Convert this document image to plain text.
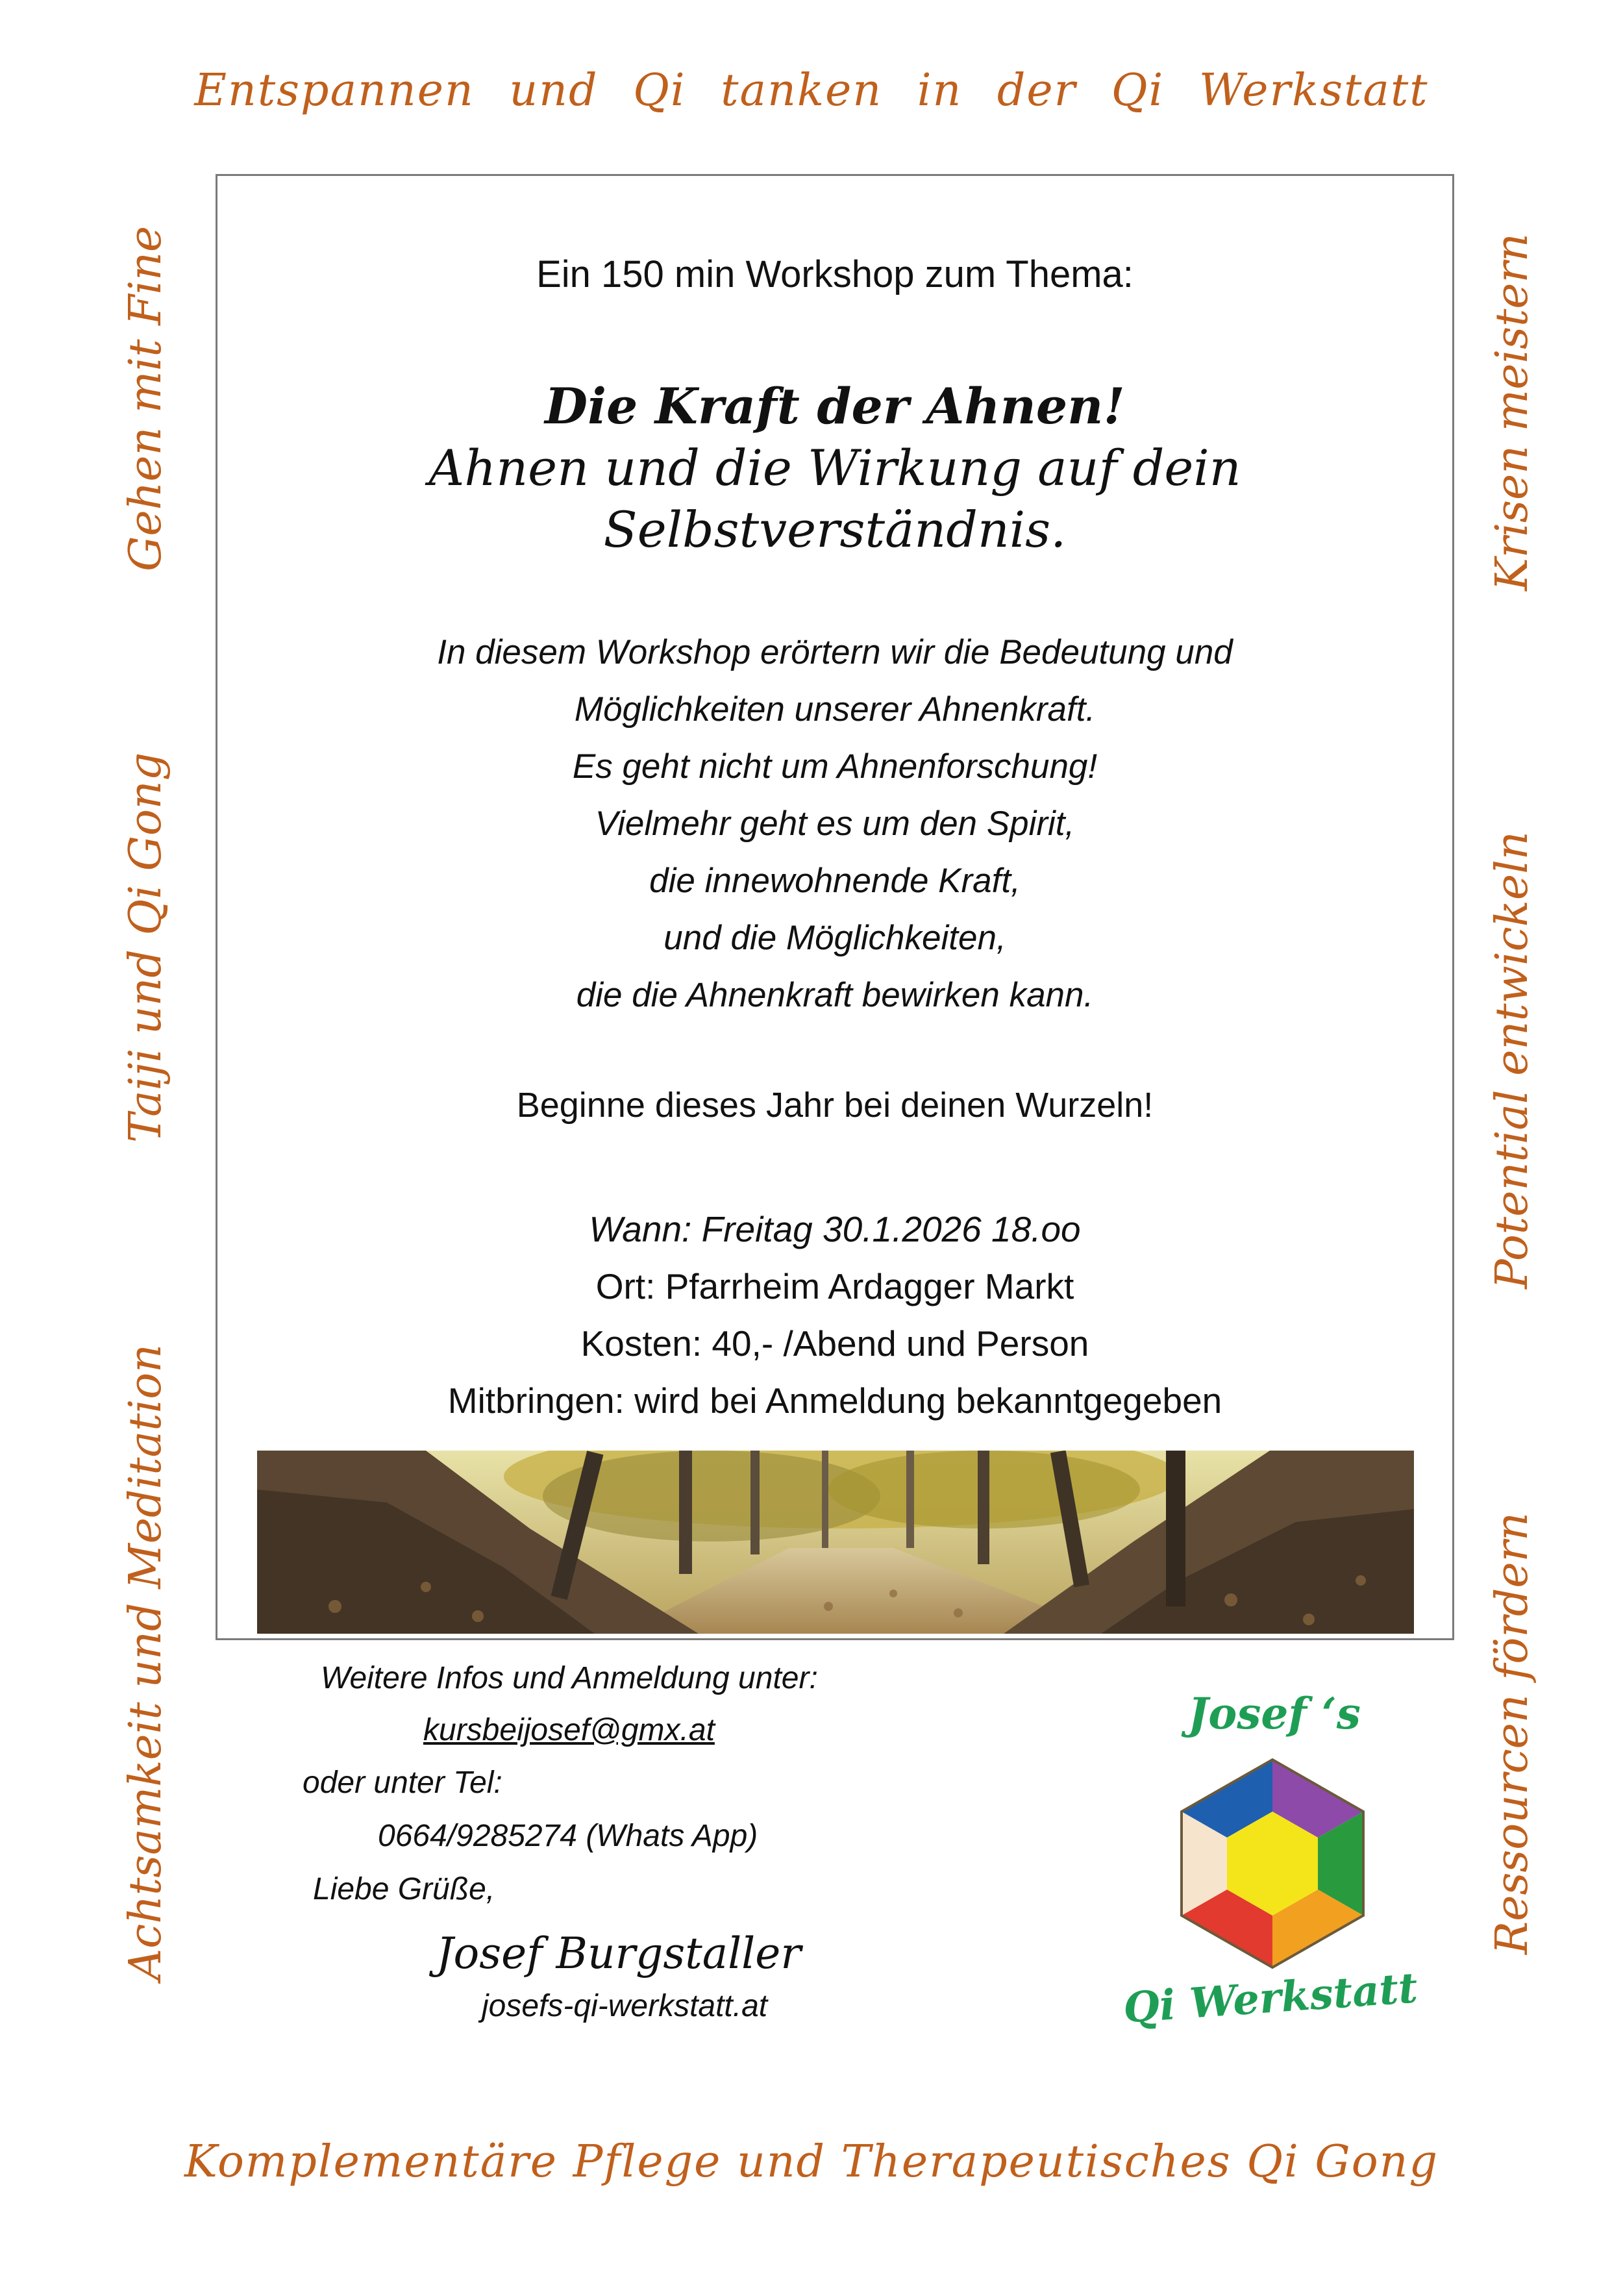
Entspannen und Qi tanken in der Qi Werkstatt
Komplementäre Pflege und Therapeutisches Qi Gong
Gehen mit Fine
Taiji und Qi Gong
Achtsamkeit und Meditation
Krisen meistern
Potential entwickeln
Ressourcen fördern
Ein 150 min Workshop zum Thema:
Die Kraft der Ahnen!
Ahnen und die Wirkung auf dein
Selbstverständnis.
In diesem Workshop erörtern wir die Bedeutung und
Möglichkeiten unserer Ahnenkraft.
Es geht nicht um Ahnenforschung!
Vielmehr geht es um den Spirit,
die innewohnende Kraft,
und die Möglichkeiten,
die die Ahnenkraft bewirken kann.
Beginne dieses Jahr bei deinen Wurzeln!
Wann: Freitag 30.1.2026 18.oo
Ort: Pfarrheim Ardagger Markt
Kosten: 40,- /Abend und Person
Mitbringen: wird bei Anmeldung bekanntgegeben
Weitere Infos und Anmeldung unter:
kursbeijosef@gmx.at
oder unter Tel:
0664/9285274 (Whats App)
Liebe Grüße,
Josef Burgstaller
josefs-qi-werkstatt.at
Josef ‘s
Qi Werkstatt
